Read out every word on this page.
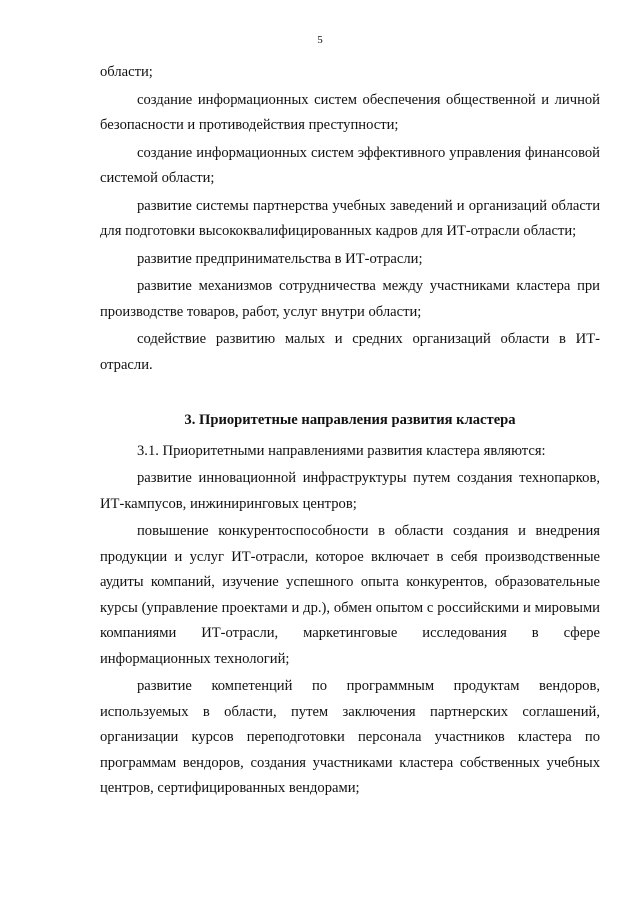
5

области;

создание информационных систем обеспечения общественной и личной безопасности и противодействия преступности;

создание информационных систем эффективного управления финансовой системой области;

развитие системы партнерства учебных заведений и организаций области для подготовки высококвалифицированных кадров для ИТ-отрасли области;

развитие предпринимательства в ИТ-отрасли;

развитие механизмов сотрудничества между участниками кластера при производстве товаров, работ, услуг внутри области;

содействие развитию малых и средних организаций области в ИТ-отрасли.

3. Приоритетные направления развития кластера

3.1. Приоритетными направлениями развития кластера являются:

развитие инновационной инфраструктуры путем создания технопарков, ИТ-кампусов, инжиниринговых центров;

повышение конкурентоспособности в области создания и внедрения продукции и услуг ИТ-отрасли, которое включает в себя производственные аудиты компаний, изучение успешного опыта конкурентов, образовательные курсы (управление проектами и др.), обмен опытом с российскими и мировыми компаниями ИТ-отрасли, маркетинговые исследования в сфере информационных технологий;

развитие компетенций по программным продуктам вендоров, используемых в области, путем заключения партнерских соглашений, организации курсов переподготовки персонала участников кластера по программам вендоров, создания участниками кластера собственных учебных центров, сертифицированных вендорами;
